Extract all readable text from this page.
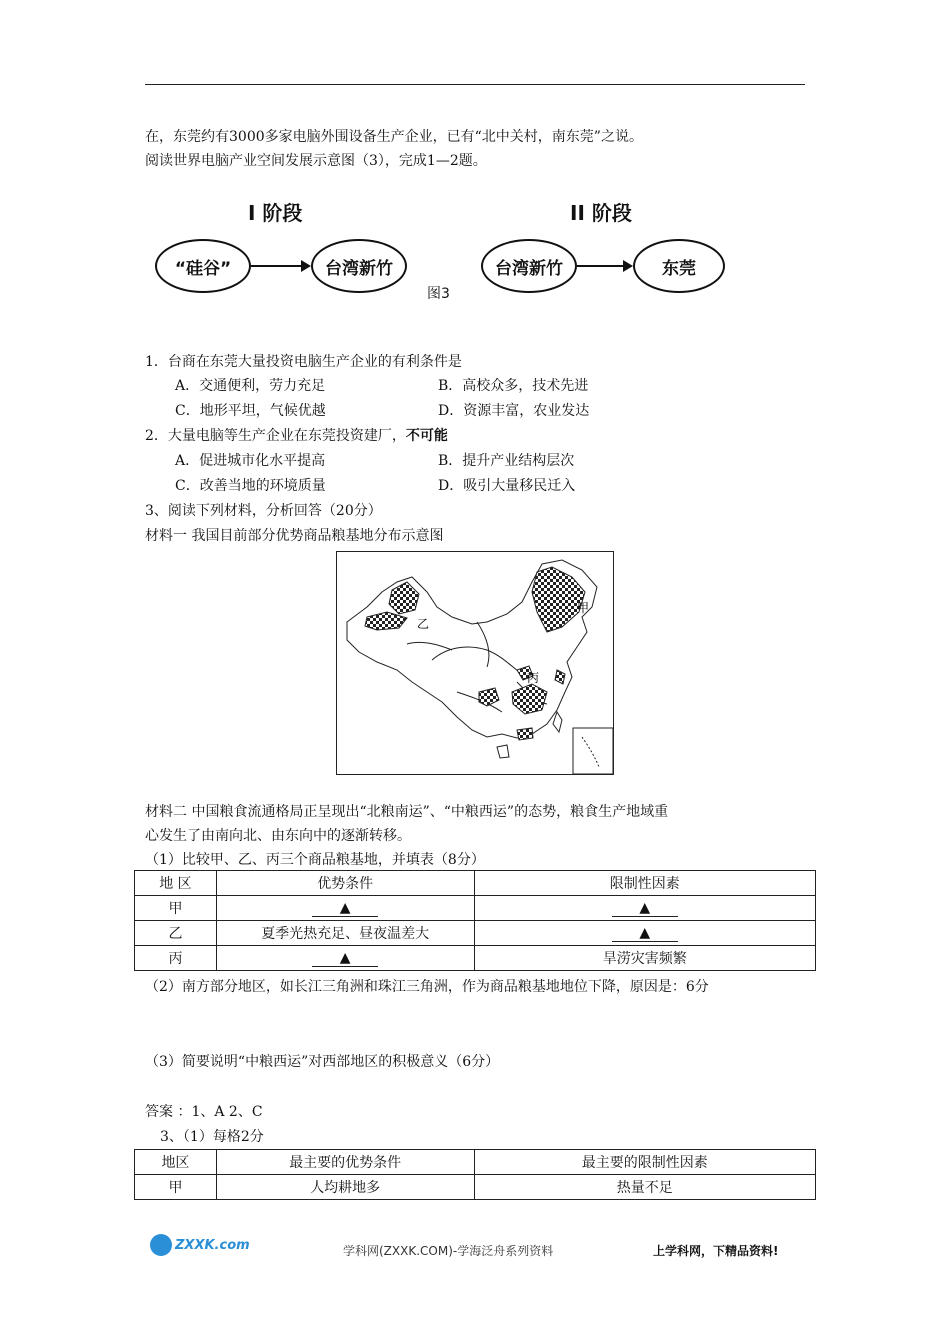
在，东莞约有3000多家电脑外围设备生产企业，已有“北中关村，南东莞”之说。
阅读世界电脑产业空间发展示意图（3），完成1—2题。
I 阶段	II 阶段
“硅谷”	台湾新竹	台湾新竹	东莞
图3
1．台商在东莞大量投资电脑生产企业的有利条件是
A．交通便利，劳力充足	B．高校众多，技术先进
C．地形平坦，气候优越	D．资源丰富，农业发达
2．大量电脑等生产企业在东莞投资建厂，不可能
A．促进城市化水平提高	B．提升产业结构层次
C．改善当地的环境质量	D．吸引大量移民迁入
3、阅读下列材料，分析回答（20分）
材料一 我国目前部分优势商品粮基地分布示意图
甲
乙
丙
材料二 中国粮食流通格局正呈现出“北粮南运”、“中粮西运”的态势，粮食生产地域重
心发生了由南向北、由东向中的逐渐转移。
（1）比较甲、乙、丙三个商品粮基地，并填表（8分）
地 区	优势条件	限制性因素
甲	▲	▲
乙	夏季光热充足、昼夜温差大	▲
丙	▲	旱涝灾害频繁
（2）南方部分地区，如长江三角洲和珠江三角洲，作为商品粮基地地位下降，原因是：6分
（3）简要说明“中粮西运”对西部地区的积极意义（6分）
答案 ：1、A 2、C
3、（1）每格2分
地区	最主要的优势条件	最主要的限制性因素
甲	人均耕地多	热量不足
ZXXK.com	学科网(ZXXK.COM)-学海泛舟系列资料	上学科网，下精品资料!
